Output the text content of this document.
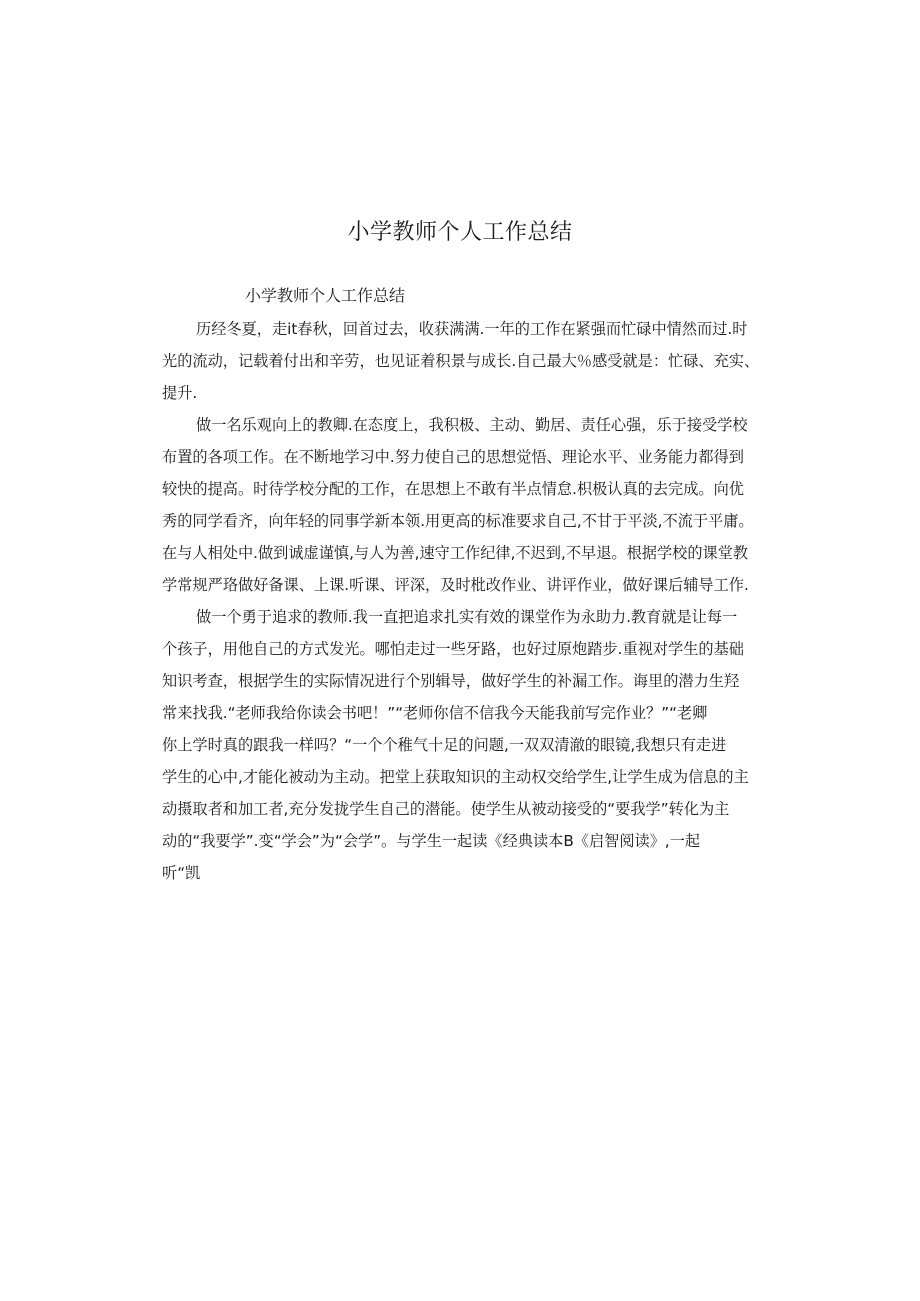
小学教师个人工作总结

小学教师个人工作总结

历经冬夏，走it春秋，回首过去，收获满满.一年的工作在紧强而忙碌中情然而过.时

光的流动，记载着付出和辛劳，也见证着积景与成长.自己最大％感受就是：忙碌、充实、

提升.

做一名乐观向上的教卿.在态度上，我积极、主动、勤居、责任心强，乐于接受学校

布置的各项工作。在不断地学习中.努力使自己的思想觉悟、理论水平、业务能力都得到

较快的提高。时待学校分配的工作，在思想上不敢有半点情怠.枳极认真的去完成。向优

秀的同学看齐，向年轻的同事学新本领.用更高的标准要求自己,不甘于平淡,不流于平庸。

在与人相处中.做到诚虚谨慎,与人为善,速守工作纪律,不迟到,不早退。根据学校的课堂教

学常规严珞做好备课、上课.听课、评深，及时枇改作业、讲评作业，做好课后辅导工作.

做一个勇于追求的教师.我一直把追求扎实有效的课堂作为永助力.教育就是让每一

个孩子，用他自己的方式发光。哪怕走过一些牙路，也好过原炮踏步.重视对学生的基础

知识考查，根据学生的实际情况进行个别辑导，做好学生的补漏工作。诲里的潜力生羟

常来找我.“老师我给你读会书吧！”“老师你信不信我今天能我前写完作业？”“老卿

你上学时真的跟我一样吗？“一个个稚气十足的问题,一双双清澈的眼镜,我想只有走进

学生的心中,才能化被动为主动。把堂上获取知识的主动权交给学生,让学生成为信息的主

动摄取者和加工者,充分发拢学生自己的潜能。使学生从被动接受的“要我学”转化为主

动的“我要学”.变“学会”为“会学”。与学生一起读《经典读本B《启智阅读》,一起

听“凯
